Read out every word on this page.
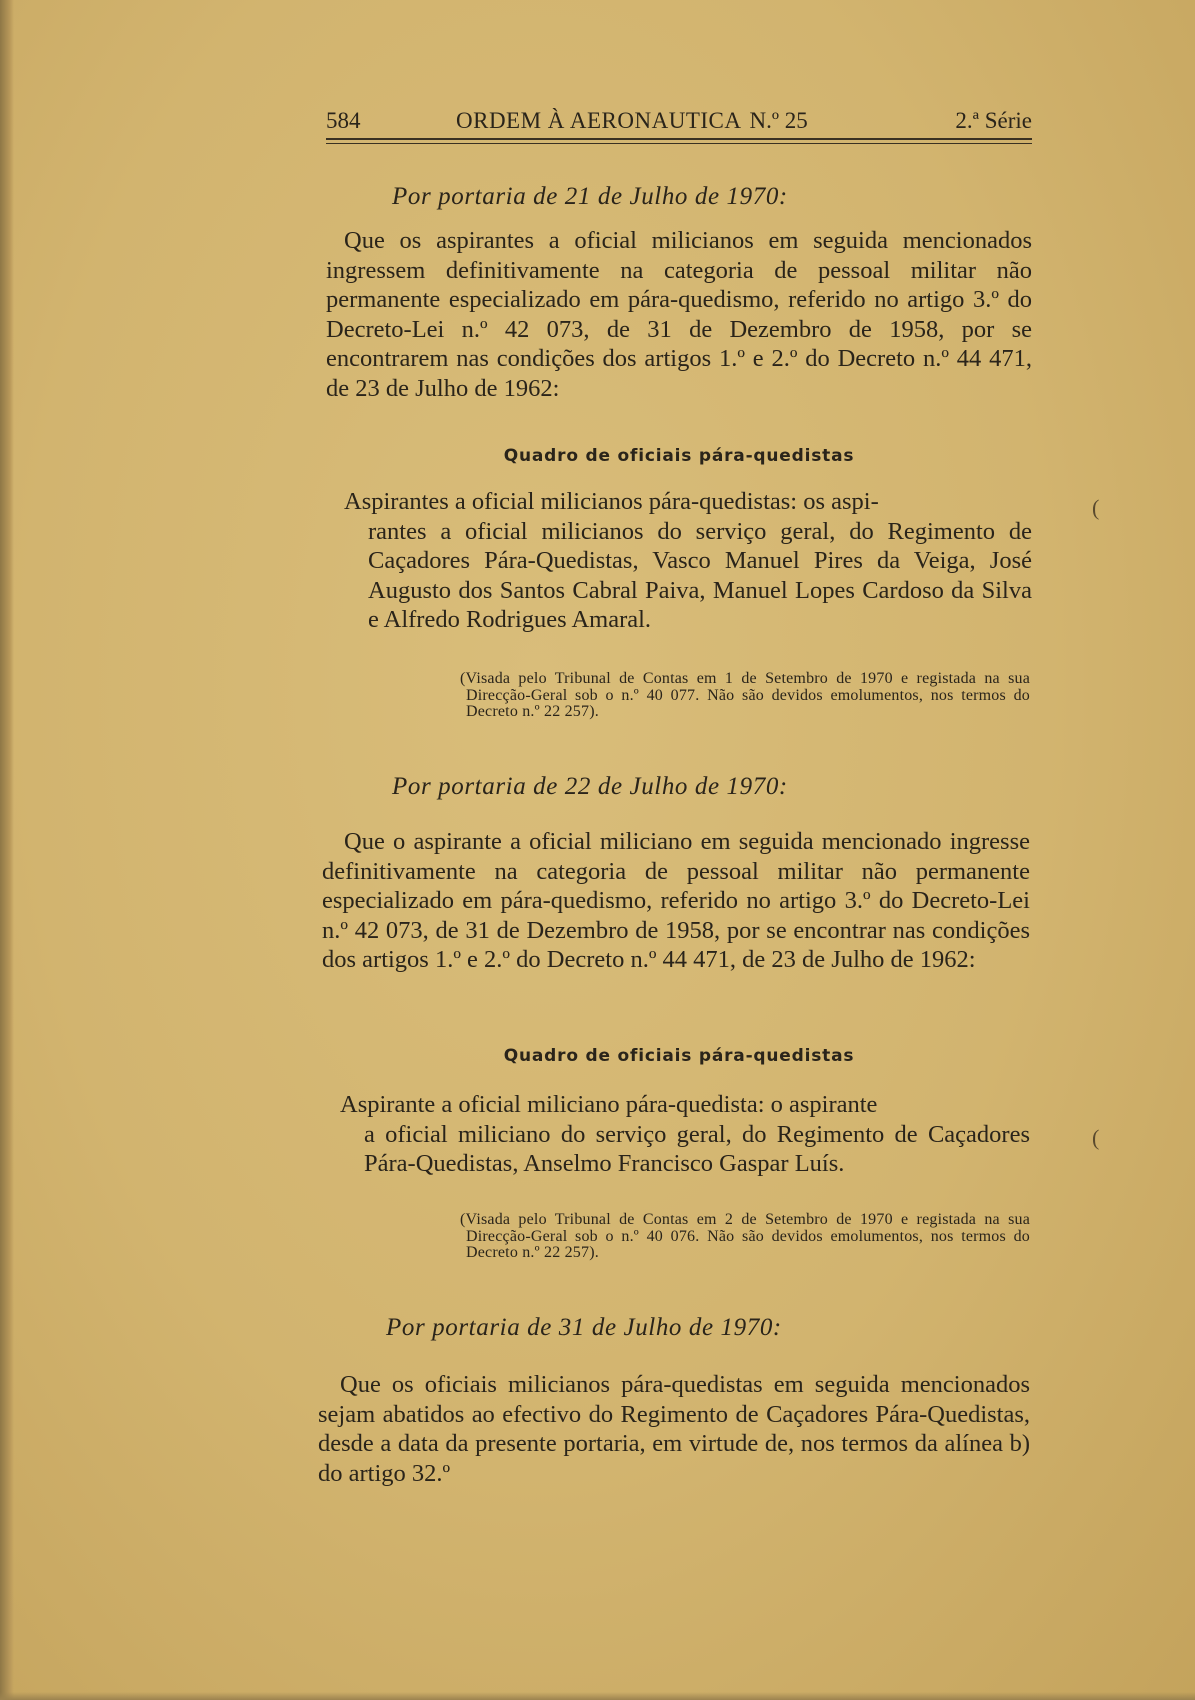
584	ORDEM À AERONAUTICA N.º 25	2.ª Série
Por portaria de 21 de Julho de 1970:
Que os aspirantes a oficial milicianos em seguida mencionados ingressem definitivamente na categoria de pessoal militar não permanente especializado em pára-quedismo, referido no artigo 3.º do Decreto-Lei n.º 42 073, de 31 de Dezembro de 1958, por se encontrarem nas condições dos artigos 1.º e 2.º do Decreto n.º 44 471, de 23 de Julho de 1962:
Quadro de oficiais pára-quedistas
Aspirantes a oficial milicianos pára-quedistas: os aspi-
rantes a oficial milicianos do serviço geral, do Regimento de Caçadores Pára-Quedistas, Vasco Manuel Pires da Veiga, José Augusto dos Santos Cabral Paiva, Manuel Lopes Cardoso da Silva e Alfredo Rodrigues Amaral.
(Visada pelo Tribunal de Contas em 1 de Setembro de 1970 e registada na sua Direcção-Geral sob o n.º 40 077. Não são devidos emolumentos, nos termos do Decreto n.º 22 257).
Por portaria de 22 de Julho de 1970:
Que o aspirante a oficial miliciano em seguida mencionado ingresse definitivamente na categoria de pessoal militar não permanente especializado em pára-quedismo, referido no artigo 3.º do Decreto-Lei n.º 42 073, de 31 de Dezembro de 1958, por se encontrar nas condições dos artigos 1.º e 2.º do Decreto n.º 44 471, de 23 de Julho de 1962:
Quadro de oficiais pára-quedistas
Aspirante a oficial miliciano pára-quedista: o aspirante
a oficial miliciano do serviço geral, do Regimento de Caçadores Pára-Quedistas, Anselmo Francisco Gaspar Luís.
(Visada pelo Tribunal de Contas em 2 de Setembro de 1970 e registada na sua Direcção-Geral sob o n.º 40 076. Não são devidos emolumentos, nos termos do Decreto n.º 22 257).
Por portaria de 31 de Julho de 1970:
Que os oficiais milicianos pára-quedistas em seguida mencionados sejam abatidos ao efectivo do Regimento de Caçadores Pára-Quedistas, desde a data da presente portaria, em virtude de, nos termos da alínea b) do artigo 32.º
(
(
